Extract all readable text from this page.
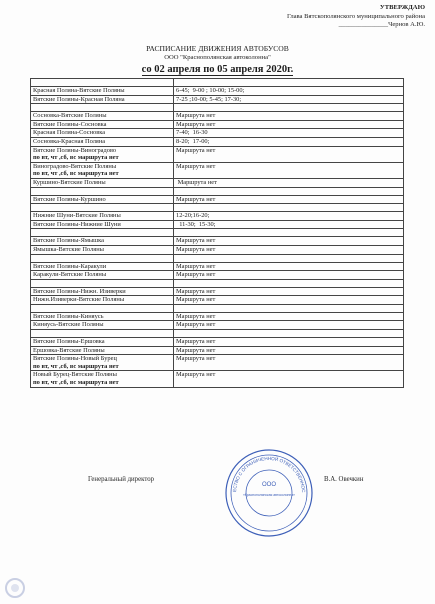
УТВЕРЖДАЮ
Глава Вятскополянского муниципального района
_______________Чернов А.Ю.
РАСПИСАНИЕ ДВИЖЕНИЯ АВТОБУСОВ
ООО "Краснополянская автоколонна"
со 02 апреля по 05 апреля 2020г.

Красная Поляна-Вятские Поляны	6-45;  9-00 ; 10-00; 15-00;

Вятские Поляны-Красная Поляна	7-25 ;10-00; 5-45; 17-30;

Сосновка-Вятские Поляны	Маршрута нет

Вятские Поляны-Сосновка	Маршрута нет

Красная Поляна-Сосновка	7-40;  16-30

Сосновка-Красная Поляна	8-20;  17-00;

Вятские Поляны-Виноградово
по вт, чт ,сб, вс маршрута нет	Маршрута нет

Виноградово-Вятские Поляны
по вт, чт ,сб, вс маршрута нет	Маршрута нет

Куршино-Вятские Поляны	Маршрута нет

Вятские Поляны-Куршино	Маршрута нет

Нижние Шуни-Вятские Поляны	12-20;16-20;

Вятские Поляны-Нижние Шуни	11-30;  15-30;

Вятские Поляны-Ямышка	Маршрута нет

Ямышка-Вятские Поляны	Маршрута нет

Вятские Поляны-Каракули	Маршрута нет

Каракули-Вятские Поляны	Маршрута нет

Вятские Поляны-Нижн. Изиверки	Маршрута нет

Нижн.Изиверки-Вятские Поляны	Маршрута нет

Вятские Поляны-Киняусь	Маршрута нет

Киняусь-Вятские Поляны	Маршрута нет

Вятские Поляны-Ершовка	Маршрута нет

Ершовка-Вятские Поляны	Маршрута нет

Вятские Поляны-Новый Бурец
по вт, чт ,сб, вс маршрута нет	Маршрута нет

Новый Бурец-Вятские Поляны
по вт, чт ,сб, вс маршрута нет	Маршрута нет
Генеральный директор	В.А. Овечкин
ЕСТВО С ОГРАНИЧЕННОЙ ОТВЕТСТВЕННОС
ООО
«Краснополянская автоколонна»
